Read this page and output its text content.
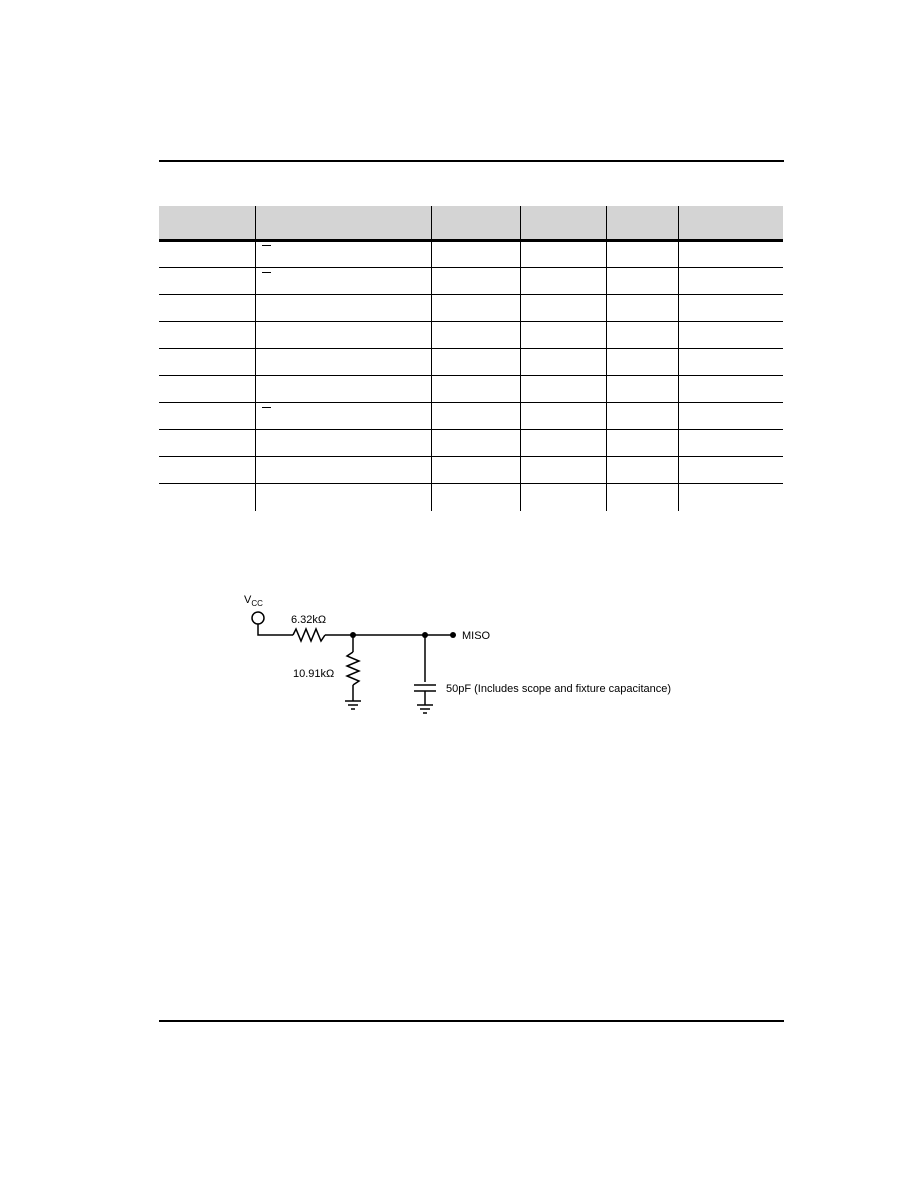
$V_{CC}$
6.32kΩ
10.91kΩ
MISO
50pF (Includes scope and fixture capacitance)
